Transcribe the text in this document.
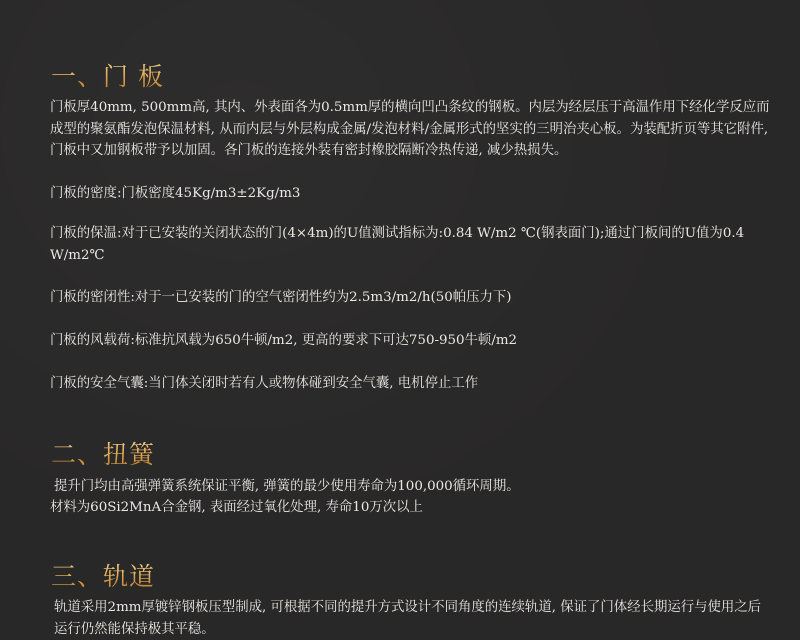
一、门 板
门板厚40mm, 500mm高, 其内、外表面各为0.5mm厚的横向凹凸条纹的钢板。内层为经层压于高温作用下经化学反应而成型的聚氨酯发泡保温材料, 从而内层与外层构成金属/发泡材料/金属形式的坚实的三明治夹心板。为装配折页等其它附件, 门板中又加钢板带予以加固。各门板的连接外装有密封橡胶隔断冷热传递, 减少热损失。
门板的密度:门板密度45Kg/m3±2Kg/m3
门板的保温:对于已安装的关闭状态的门(4×4m)的U值测试指标为:0.84 W/m2 ℃(钢表面门);通过门板间的U值为0.4 W/m2℃
门板的密闭性:对于一已安装的门的空气密闭性约为2.5m3/m2/h(50帕压力下)
门板的风载荷:标准抗风载为650牛顿/m2, 更高的要求下可达750-950牛顿/m2
门板的安全气囊:当门体关闭时若有人或物体碰到安全气囊, 电机停止工作
二、扭簧
提升门均由高强弹簧系统保证平衡, 弹簧的最少使用寿命为100,000循环周期。
材料为60Si2MnA合金钢, 表面经过氧化处理, 寿命10万次以上
三、轨道
轨道采用2mm厚镀锌钢板压型制成, 可根据不同的提升方式设计不同角度的连续轨道, 保证了门体经长期运行与使用之后运行仍然能保持极其平稳。
